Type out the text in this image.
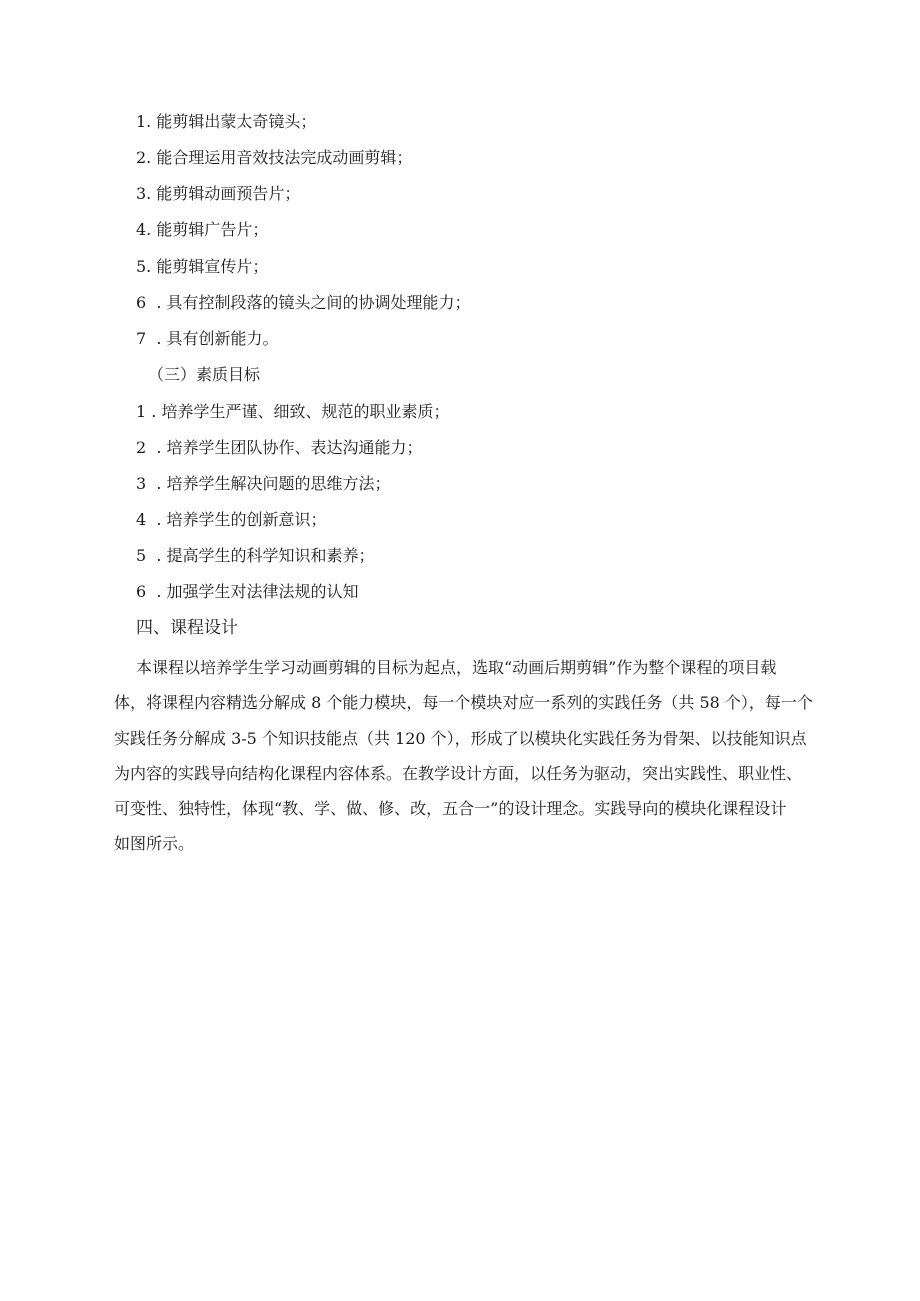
1. 能剪辑出蒙太奇镜头；
2. 能合理运用音效技法完成动画剪辑；
3. 能剪辑动画预告片；
4. 能剪辑广告片；
5. 能剪辑宣传片；
6  . 具有控制段落的镜头之间的协调处理能力；
7  . 具有创新能力。
（三）素质目标
1 . 培养学生严谨、细致、规范的职业素质；
2  . 培养学生团队协作、表达沟通能力；
3  . 培养学生解决问题的思维方法；
4  . 培养学生的创新意识；
5  . 提高学生的科学知识和素养；
6  . 加强学生对法律法规的认知
四、课程设计
本课程以培养学生学习动画剪辑的目标为起点，选取“动画后期剪辑”作为整个课程的项目载
体，将课程内容精选分解成 8 个能力模块，每一个模块对应一系列的实践任务（共 58 个），每一个
实践任务分解成 3-5 个知识技能点（共 120 个），形成了以模块化实践任务为骨架、以技能知识点
为内容的实践导向结构化课程内容体系。在教学设计方面，以任务为驱动，突出实践性、职业性、
可变性、独特性，体现“教、学、做、修、改，五合一”的设计理念。实践导向的模块化课程设计
如图所示。
